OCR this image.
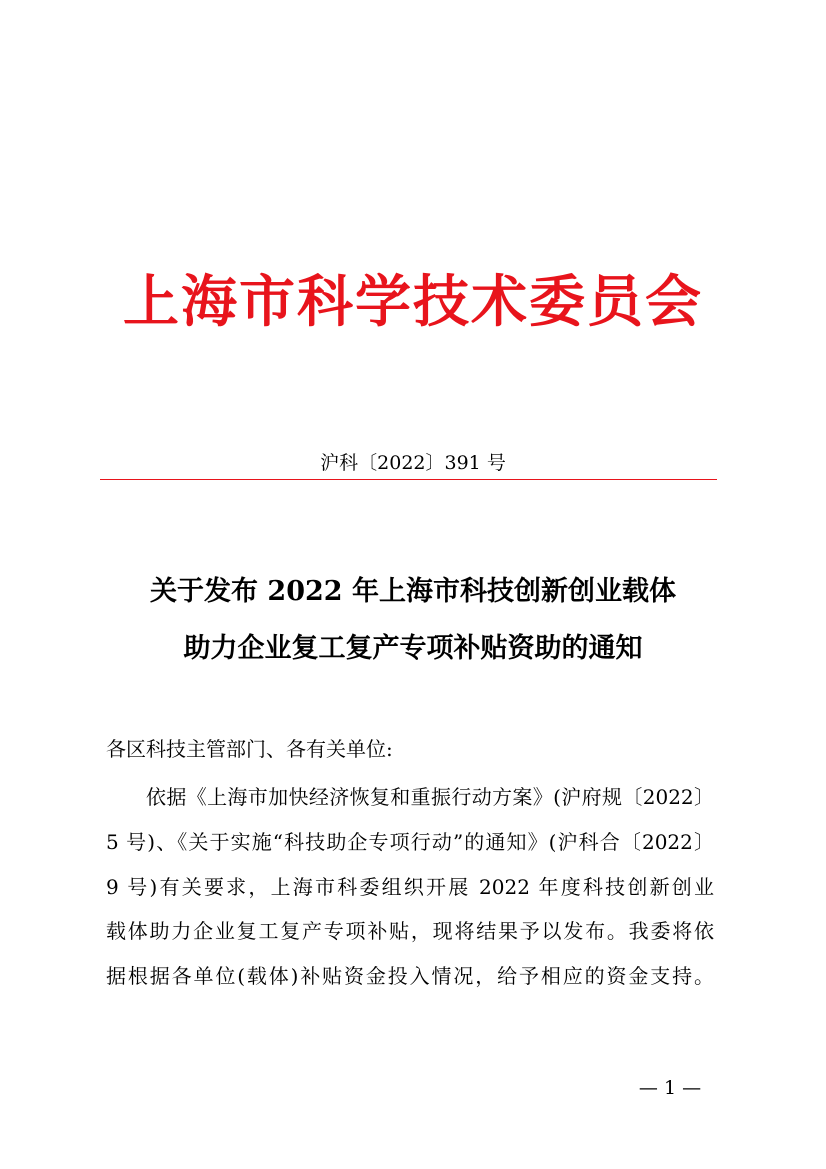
上海市科学技术委员会
沪科〔2022〕391 号
关于发布 2022 年上海市科技创新创业载体
助力企业复工复产专项补贴资助的通知
各区科技主管部门、各有关单位:
依据《上海市加快经济恢复和重振行动方案》(沪府规〔2022〕
5 号)、《关于实施“科技助企专项行动”的通知》(沪科合〔2022〕
9 号)有关要求，上海市科委组织开展 2022 年度科技创新创业
载体助力企业复工复产专项补贴，现将结果予以发布。我委将依
据根据各单位(载体)补贴资金投入情况，给予相应的资金支持。
— 1 —
